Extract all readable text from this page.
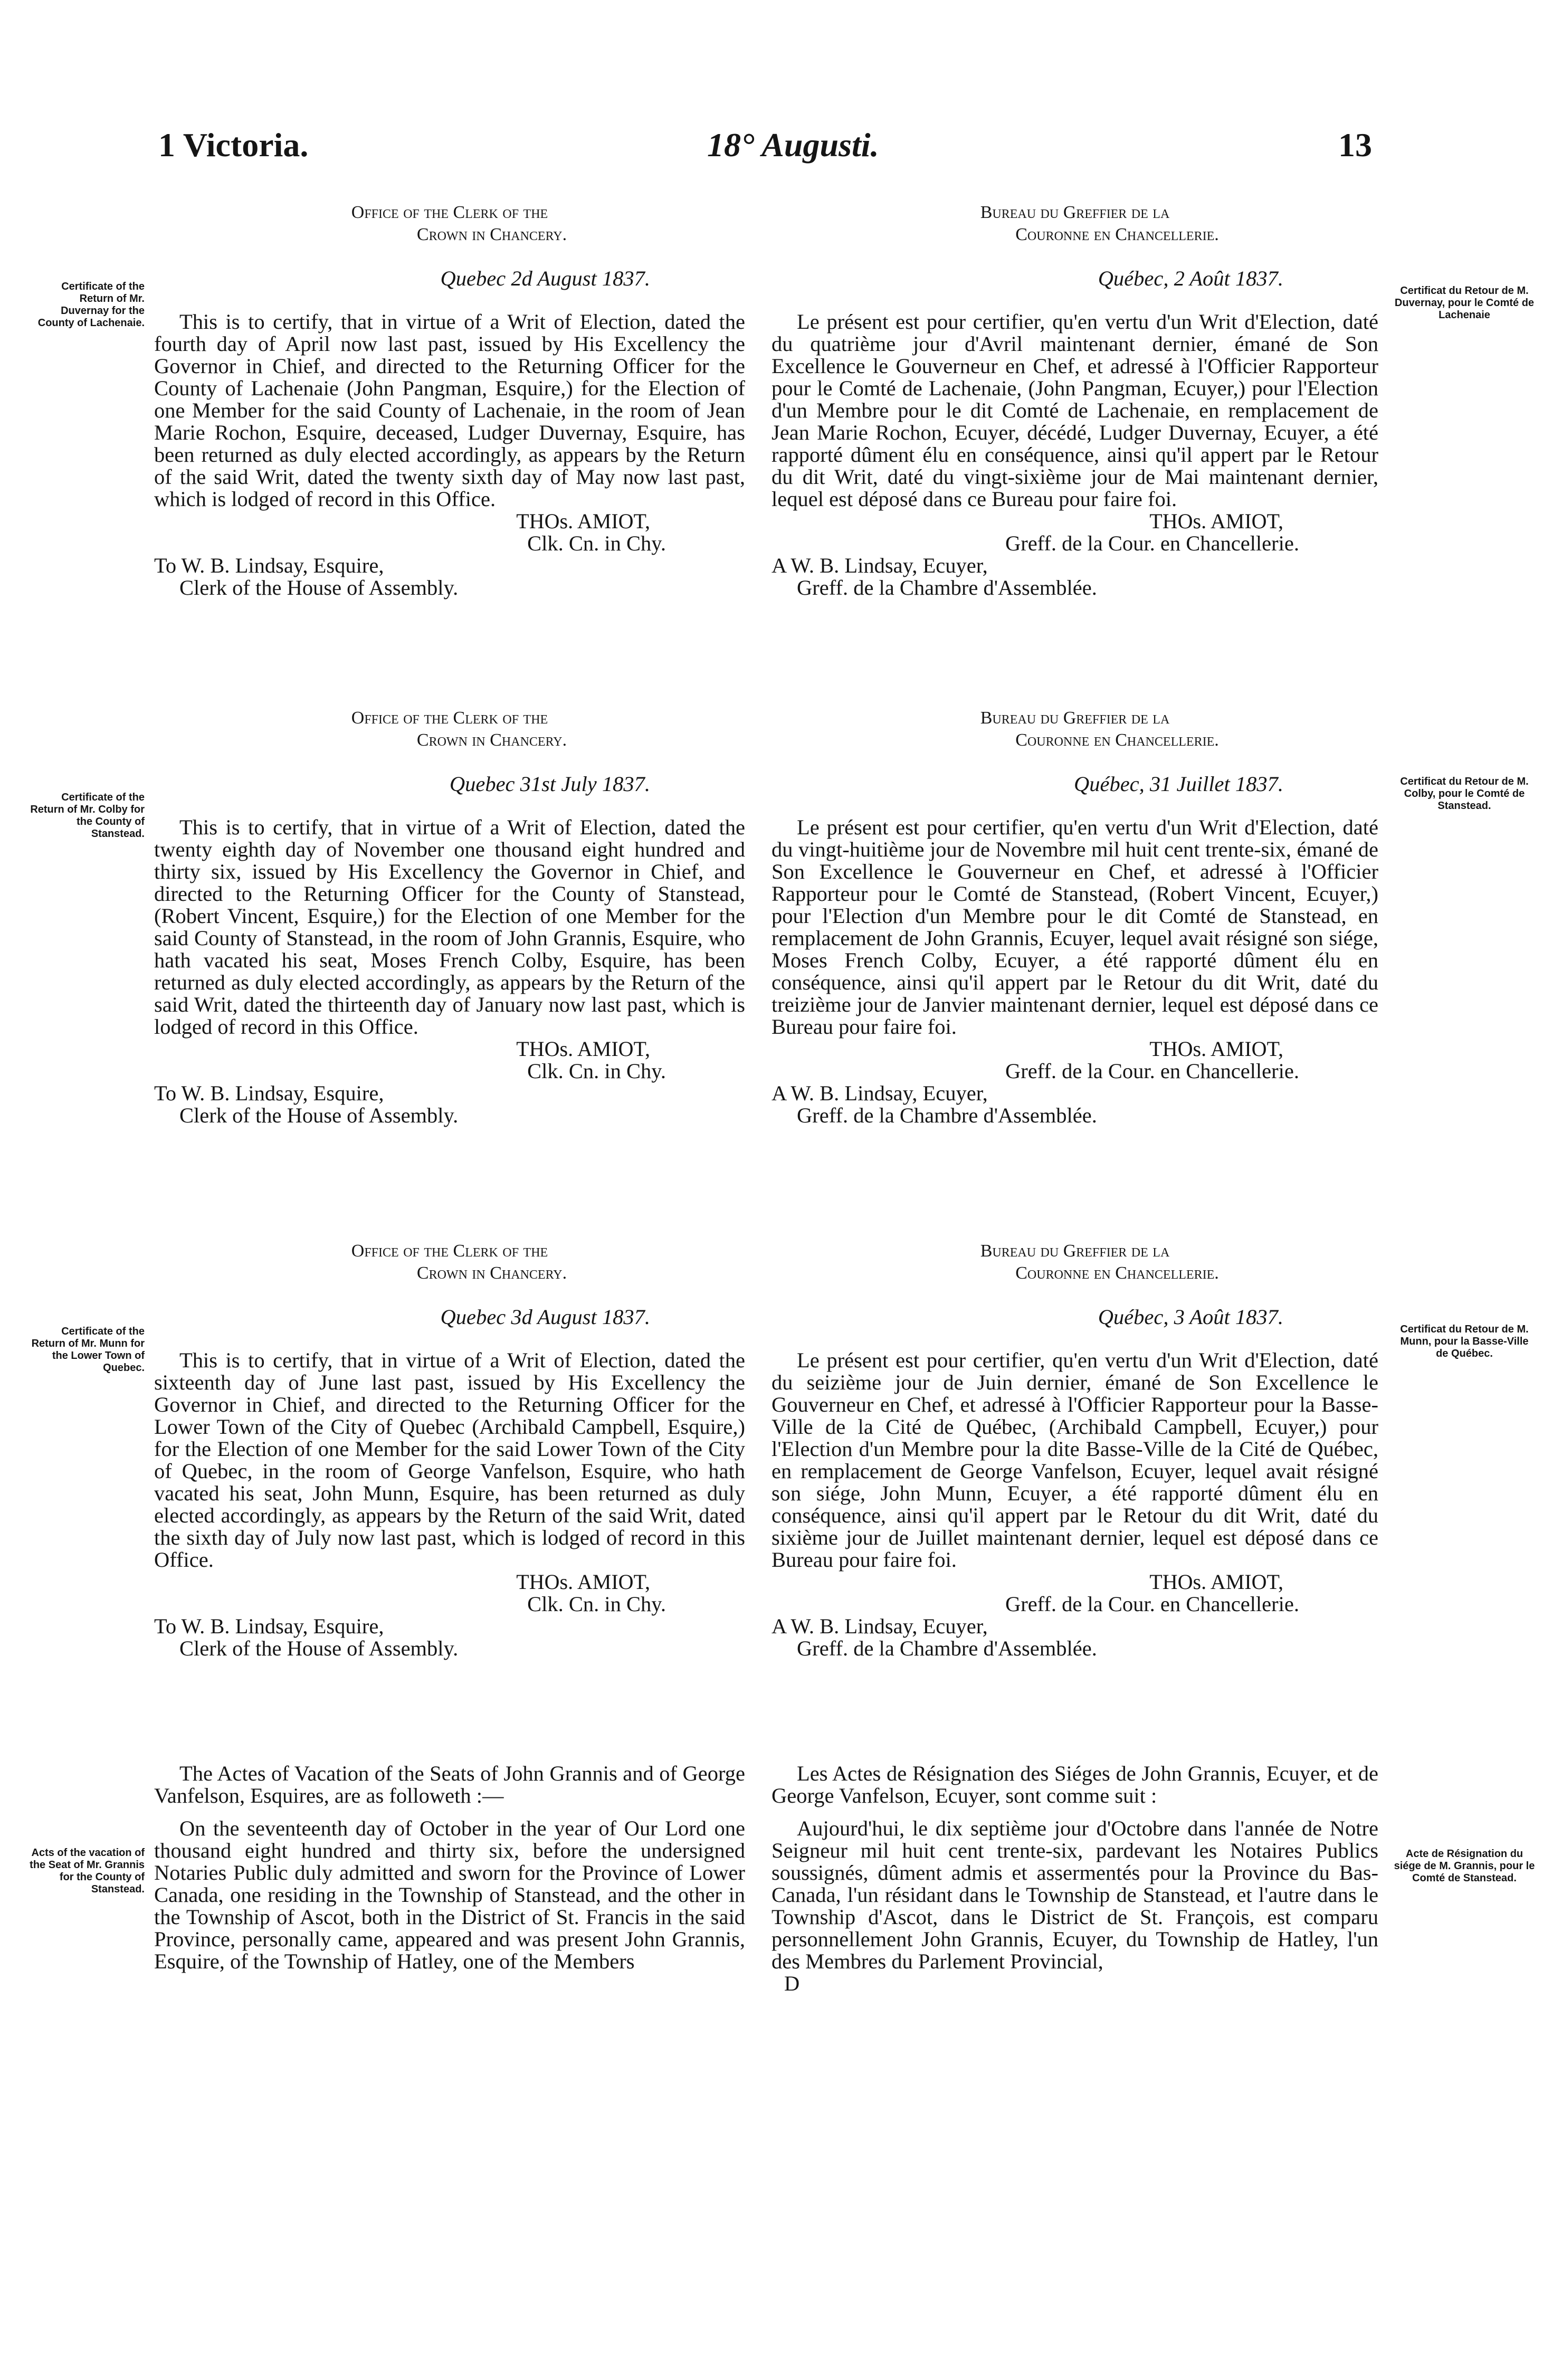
1 Victoria.	18° Augusti.	13
Certificate of the Return of Mr. Duvernay for the County of Lachenaie.
Certificate of the Return of Mr. Colby for the County of Stanstead.
Certificate of the Return of Mr. Munn for the Lower Town of Quebec.
Acts of the vacation of the Seat of Mr. Grannis for the County of Stanstead.
Certificat du Retour de M. Duvernay, pour le Comté de Lachenaie
Certificat du Retour de M. Colby, pour le Comté de Stanstead.
Certificat du Retour de M. Munn, pour la Basse-Ville de Québec.
Acte de Résignation du siége de M. Grannis, pour le Comté de Stanstead.

Office of the Clerk of the

Crown in Chancery.

Quebec 2d August 1837.

This is to certify, that in virtue of a Writ of Election, dated the fourth day of April now last past, issued by His Excellency the Governor in Chief, and directed to the Returning Officer for the County of Lachenaie (John Pangman, Esquire,) for the Election of one Member for the said County of Lachenaie, in the room of Jean Marie Rochon, Esquire, deceased, Ludger Duvernay, Esquire, has been returned as duly elected accordingly, as appears by the Return of the said Writ, dated the twenty sixth day of May now last past, which is lodged of record in this Office.

THOs. AMIOT,

Clk. Cn. in Chy.

To W. B. Lindsay, Esquire,

Clerk of the House of Assembly.

Office of the Clerk of the

Crown in Chancery.

Quebec 31st July 1837.

This is to certify, that in virtue of a Writ of Election, dated the twenty eighth day of November one thousand eight hundred and thirty six, issued by His Excellency the Governor in Chief, and directed to the Returning Officer for the County of Stanstead, (Robert Vincent, Esquire,) for the Election of one Member for the said County of Stanstead, in the room of John Grannis, Esquire, who hath vacated his seat, Moses French Colby, Esquire, has been returned as duly elected accordingly, as appears by the Return of the said Writ, dated the thirteenth day of January now last past, which is lodged of record in this Office.

THOs. AMIOT,

Clk. Cn. in Chy.

To W. B. Lindsay, Esquire,

Clerk of the House of Assembly.

Office of the Clerk of the

Crown in Chancery.

Quebec 3d August 1837.

This is to certify, that in virtue of a Writ of Election, dated the sixteenth day of June last past, issued by His Excellency the Governor in Chief, and directed to the Returning Officer for the Lower Town of the City of Quebec (Archibald Campbell, Esquire,) for the Election of one Member for the said Lower Town of the City of Quebec, in the room of George Vanfelson, Esquire, who hath vacated his seat, John Munn, Esquire, has been returned as duly elected accordingly, as appears by the Return of the said Writ, dated the sixth day of July now last past, which is lodged of record in this Office.

THOs. AMIOT,

Clk. Cn. in Chy.

To W. B. Lindsay, Esquire,

Clerk of the House of Assembly.

The Actes of Vacation of the Seats of John Grannis and of George Vanfelson, Esquires, are as followeth :—

On the seventeenth day of October in the year of Our Lord one thousand eight hundred and thirty six, before the undersigned Notaries Public duly admitted and sworn for the Province of Lower Canada, one residing in the Township of Stanstead, and the other in the Township of Ascot, both in the District of St. Francis in the said Province, personally came, appeared and was present John Grannis, Esquire, of the Township of Hatley, one of the Members

Bureau du Greffier de la

Couronne en Chancellerie.

Québec, 2 Août 1837.

Le présent est pour certifier, qu'en vertu d'un Writ d'Election, daté du quatrième jour d'Avril maintenant dernier, émané de Son Excellence le Gouverneur en Chef, et adressé à l'Officier Rapporteur pour le Comté de Lachenaie, (John Pangman, Ecuyer,) pour l'Election d'un Membre pour le dit Comté de Lachenaie, en remplacement de Jean Marie Rochon, Ecuyer, décédé, Ludger Duvernay, Ecuyer, a été rapporté dûment élu en conséquence, ainsi qu'il appert par le Retour du dit Writ, daté du vingt-sixième jour de Mai maintenant dernier, lequel est déposé dans ce Bureau pour faire foi.

THOs. AMIOT,

Greff. de la Cour. en Chancellerie.

A W. B. Lindsay, Ecuyer,

Greff. de la Chambre d'Assemblée.

Bureau du Greffier de la

Couronne en Chancellerie.

Québec, 31 Juillet 1837.

Le présent est pour certifier, qu'en vertu d'un Writ d'Election, daté du vingt-huitième jour de Novembre mil huit cent trente-six, émané de Son Excellence le Gouverneur en Chef, et adressé à l'Officier Rapporteur pour le Comté de Stanstead, (Robert Vincent, Ecuyer,) pour l'Election d'un Membre pour le dit Comté de Stanstead, en remplacement de John Grannis, Ecuyer, lequel avait résigné son siége, Moses French Colby, Ecuyer, a été rapporté dûment élu en conséquence, ainsi qu'il appert par le Retour du dit Writ, daté du treizième jour de Janvier maintenant dernier, lequel est déposé dans ce Bureau pour faire foi.

THOs. AMIOT,

Greff. de la Cour. en Chancellerie.

A W. B. Lindsay, Ecuyer,

Greff. de la Chambre d'Assemblée.

Bureau du Greffier de la

Couronne en Chancellerie.

Québec, 3 Août 1837.

Le présent est pour certifier, qu'en vertu d'un Writ d'Election, daté du seizième jour de Juin dernier, émané de Son Excellence le Gouverneur en Chef, et adressé à l'Officier Rapporteur pour la Basse-Ville de la Cité de Québec, (Archibald Campbell, Ecuyer,) pour l'Election d'un Membre pour la dite Basse-Ville de la Cité de Québec, en remplacement de George Vanfelson, Ecuyer, lequel avait résigné son siége, John Munn, Ecuyer, a été rapporté dûment élu en conséquence, ainsi qu'il appert par le Retour du dit Writ, daté du sixième jour de Juillet maintenant dernier, lequel est déposé dans ce Bureau pour faire foi.

THOs. AMIOT,

Greff. de la Cour. en Chancellerie.

A W. B. Lindsay, Ecuyer,

Greff. de la Chambre d'Assemblée.

Les Actes de Résignation des Siéges de John Grannis, Ecuyer, et de George Vanfelson, Ecuyer, sont comme suit :

Aujourd'hui, le dix septième jour d'Octobre dans l'année de Notre Seigneur mil huit cent trente-six, pardevant les Notaires Publics soussignés, dûment admis et assermentés pour la Province du Bas-Canada, l'un résidant dans le Township de Stanstead, et l'autre dans le Township d'Ascot, dans le District de St. François, est comparu personnellement John Grannis, Ecuyer, du Township de Hatley, l'un des Membres du Parlement Provincial,

D
